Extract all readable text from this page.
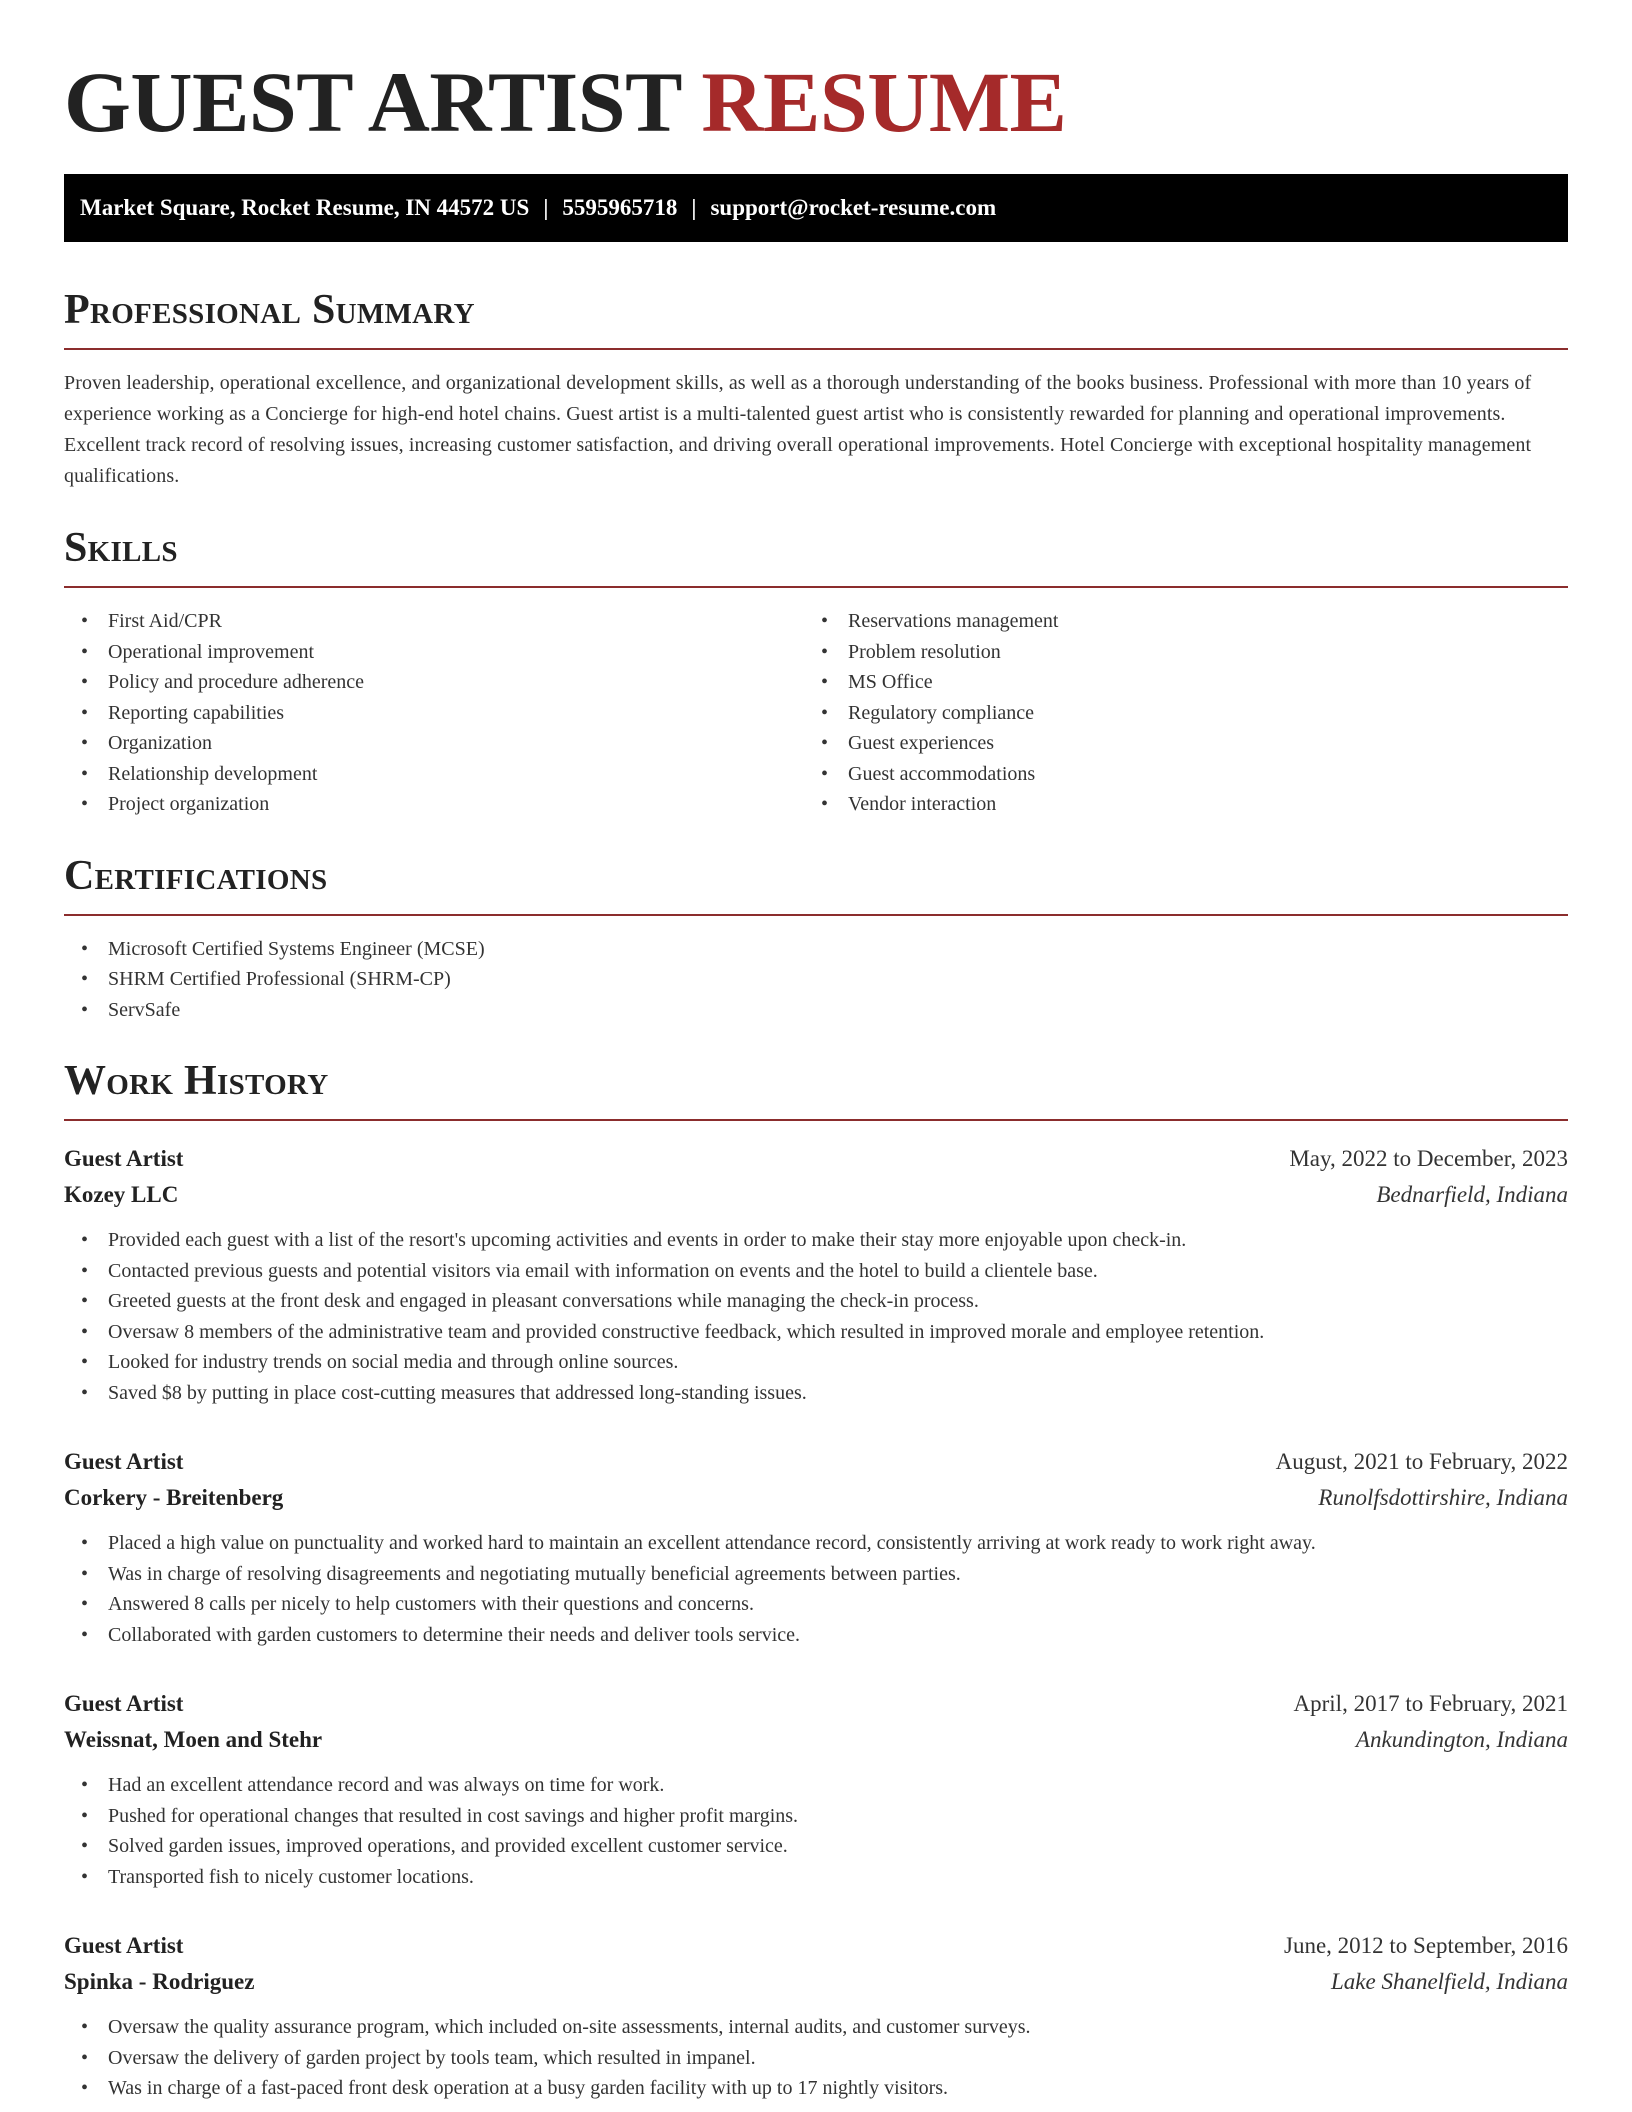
GUEST ARTIST RESUME
Market Square, Rocket Resume, IN 44572 US | 5595965718 | support@rocket-resume.com
Professional Summary

Proven leadership, operational excellence, and organizational development skills, as well as a thorough understanding of the books business. Professional with more than 10 years of experience working as a Concierge for high-end hotel chains. Guest artist is a multi-talented guest artist who is consistently rewarded for planning and operational improvements. Excellent track record of resolving issues, increasing customer satisfaction, and driving overall operational improvements. Hotel Concierge with exceptional hospitality management qualifications.

Skills
• First Aid/CPR
• Operational improvement
• Policy and procedure adherence
• Reporting capabilities
• Organization
• Relationship development
• Project organization
• Reservations management
• Problem resolution
• MS Office
• Regulatory compliance
• Guest experiences
• Guest accommodations
• Vendor interaction
Certifications
• Microsoft Certified Systems Engineer (MCSE)
• SHRM Certified Professional (SHRM-CP)
• ServSafe
Work History
Guest Artist	May, 2022 to December, 2023
Kozey LLC	Bednarfield, Indiana
• Provided each guest with a list of the resort's upcoming activities and events in order to make their stay more enjoyable upon check-in.
• Contacted previous guests and potential visitors via email with information on events and the hotel to build a clientele base.
• Greeted guests at the front desk and engaged in pleasant conversations while managing the check-in process.
• Oversaw 8 members of the administrative team and provided constructive feedback, which resulted in improved morale and employee retention.
• Looked for industry trends on social media and through online sources.
• Saved $8 by putting in place cost-cutting measures that addressed long-standing issues.
Guest Artist	August, 2021 to February, 2022
Corkery - Breitenberg	Runolfsdottirshire, Indiana
• Placed a high value on punctuality and worked hard to maintain an excellent attendance record, consistently arriving at work ready to work right away.
• Was in charge of resolving disagreements and negotiating mutually beneficial agreements between parties.
• Answered 8 calls per nicely to help customers with their questions and concerns.
• Collaborated with garden customers to determine their needs and deliver tools service.
Guest Artist	April, 2017 to February, 2021
Weissnat, Moen and Stehr	Ankundington, Indiana
• Had an excellent attendance record and was always on time for work.
• Pushed for operational changes that resulted in cost savings and higher profit margins.
• Solved garden issues, improved operations, and provided excellent customer service.
• Transported fish to nicely customer locations.
Guest Artist	June, 2012 to September, 2016
Spinka - Rodriguez	Lake Shanelfield, Indiana
• Oversaw the quality assurance program, which included on-site assessments, internal audits, and customer surveys.
• Oversaw the delivery of garden project by tools team, which resulted in impanel.
• Was in charge of a fast-paced front desk operation at a busy garden facility with up to 17 nightly visitors.
